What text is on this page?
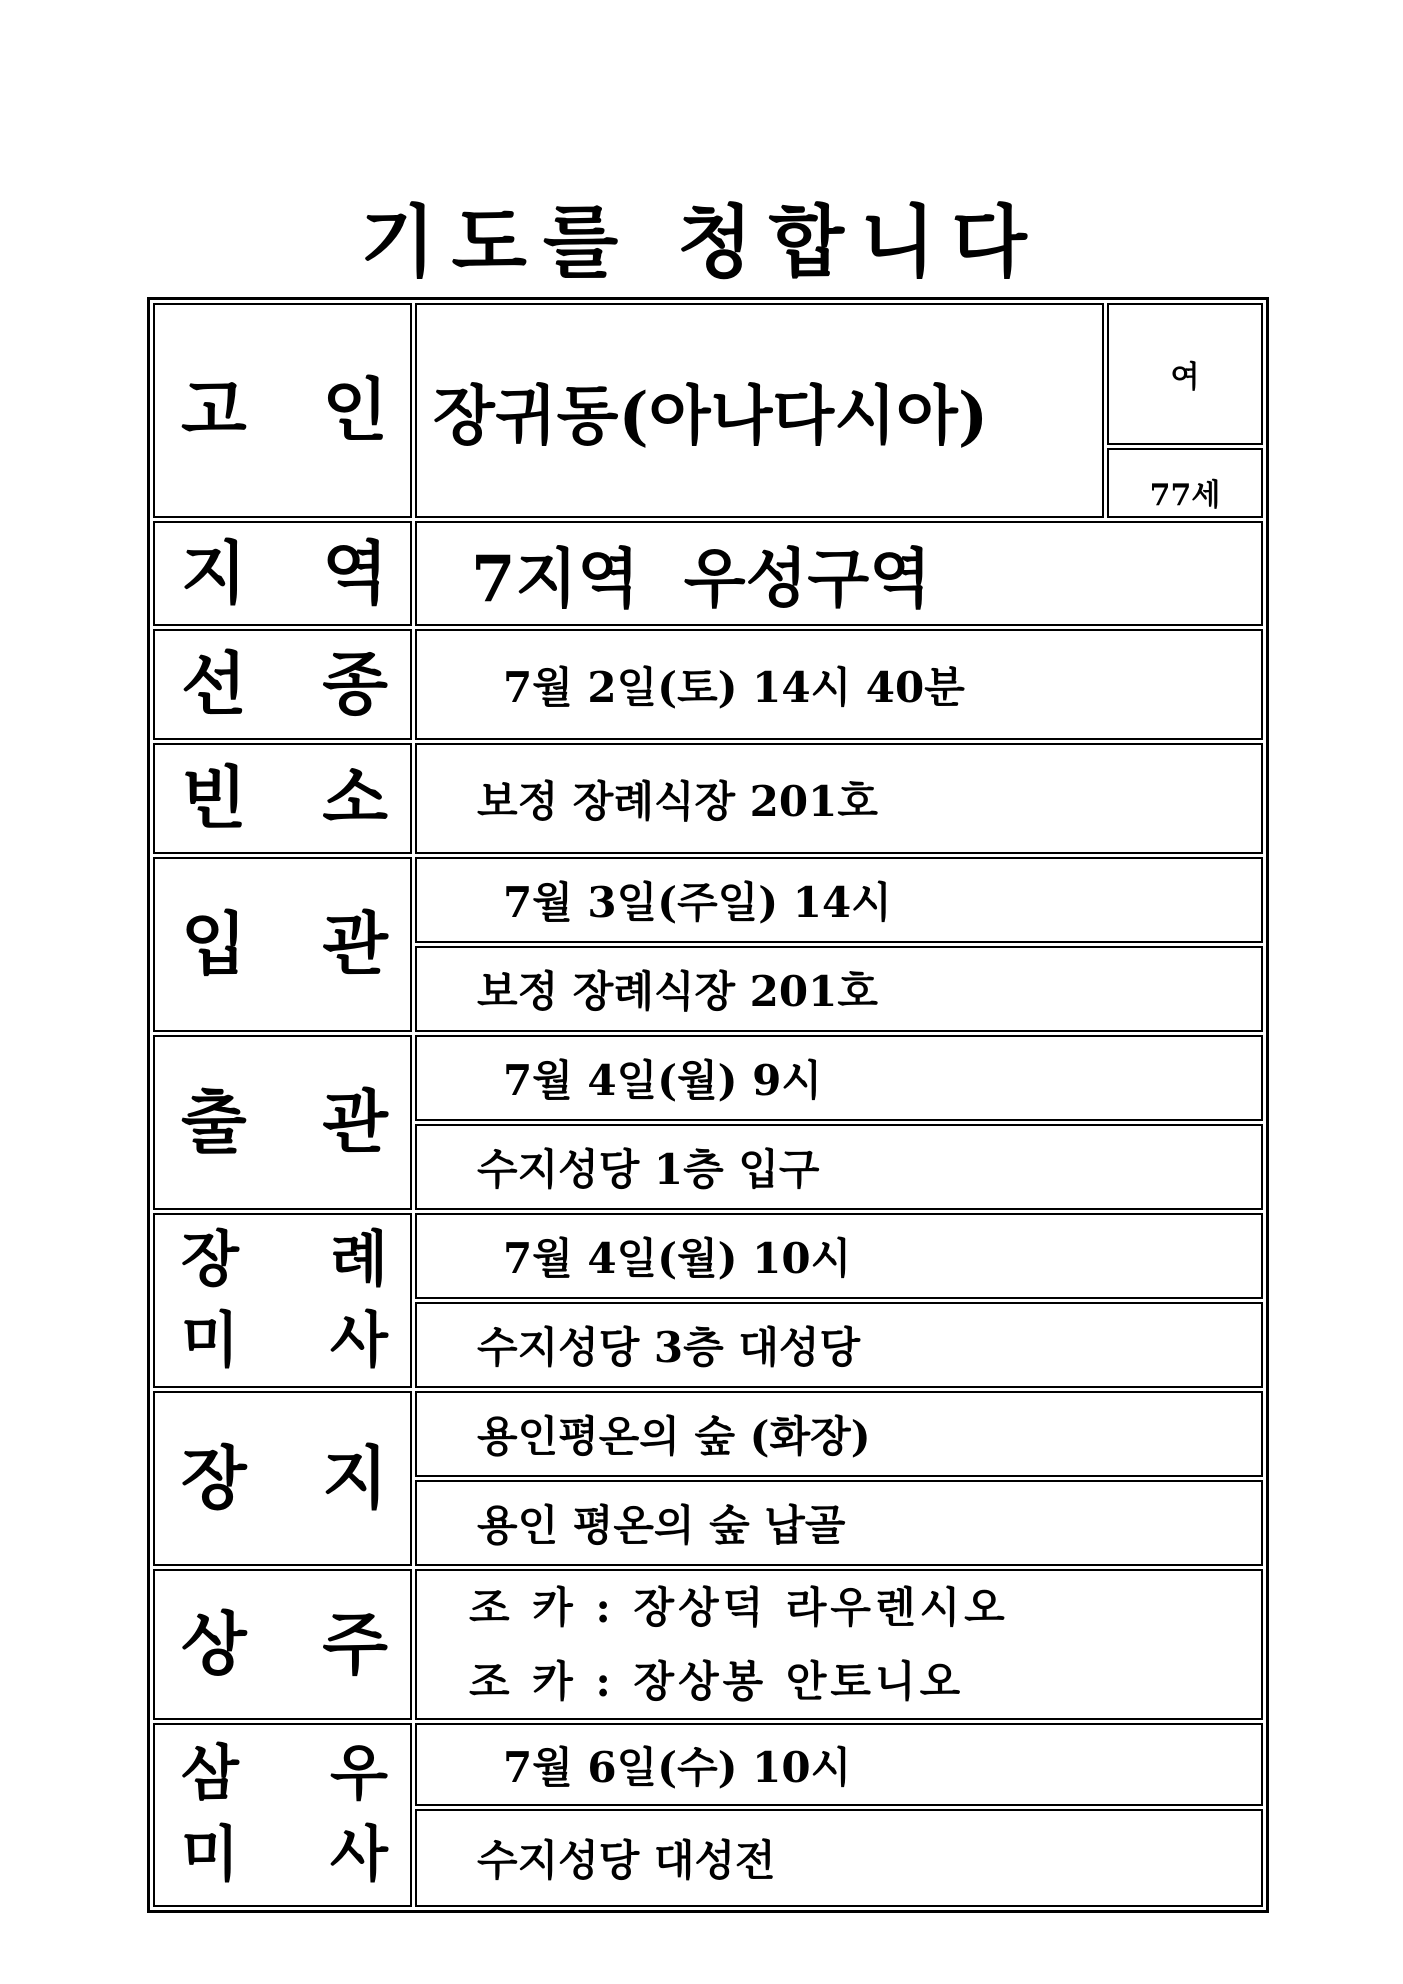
기도를 청합니다
고 인	장귀동(아나다시아)	여
		77세

지 역	7지역  우성구역	

선 종	7월 2일(토) 14시 40분	

빈 소	보정 장례식장 201호	

입 관	7월 3일(주일) 14시	
	보정 장례식장 201호	

출 관	7월 4일(월) 9시	
	수지성당 1층 입구	

장 례
미 사	7월 4일(월) 10시	
	수지성당 3층 대성당	

장 지	용인평온의 숲 (화장)	
	용인 평온의 숲 납골	

상 주	조 카 : 장상덕 라우렌시오
조 카 : 장상봉 안토니오	

삼 우
미 사	7월 6일(수) 10시	
	수지성당 대성전	
